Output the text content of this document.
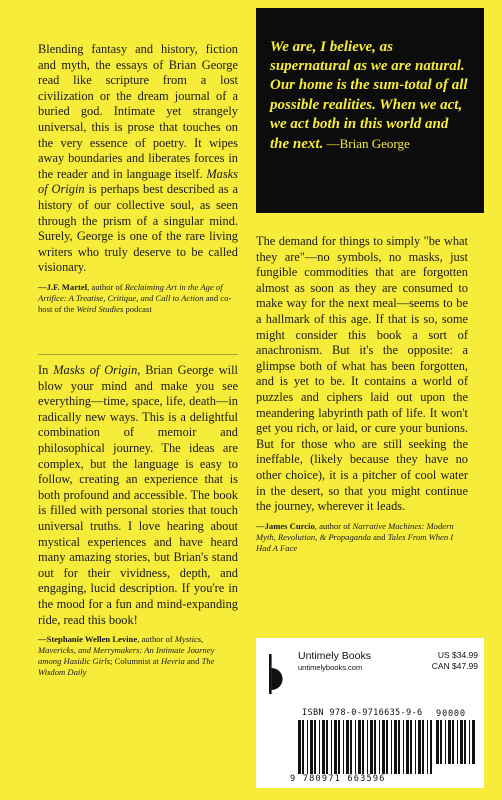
Blending fantasy and history, fiction and myth, the essays of Brian George read like scripture from a lost civilization or the dream journal of a buried god. Intimate yet strangely universal, this is prose that touches on the very essence of poetry. It wipes away boundaries and liberates forces in the reader and in language itself. Masks of Origin is perhaps best described as a history of our collective soul, as seen through the prism of a singular mind. Surely, George is one of the rare living writers who truly deserve to be called visionary.

—J.F. Martel, author of Reclaiming Art in the Age of Artifice: A Treatise, Critique, and Call to Action and co-host of the Weird Studies podcast

In Masks of Origin, Brian George will blow your mind and make you see everything—time, space, life, death—in radically new ways. This is a delightful combination of memoir and philosophical journey. The ideas are complex, but the language is easy to follow, creating an experience that is both profound and accessible. The book is filled with personal stories that touch universal truths. I love hearing about mystical experiences and have heard many amazing stories, but Brian's stand out for their vividness, depth, and engaging, lucid description. If you're in the mood for a fun and mind-expanding ride, read this book!

—Stephanie Wellen Levine, author of Mystics, Mavericks, and Merrymakers: An Intimate Journey among Hasidic Girls; Columnist at Hevria and The Wisdom Daily

We are, I believe, as supernatural as we are natural. Our home is the sum-total of all possible realities. When we act, we act both in this world and the next. —Brian George

The demand for things to simply "be what they are"—no symbols, no masks, just fungible commodities that are forgotten almost as soon as they are consumed to make way for the next meal—seems to be a hallmark of this age. If that is so, some might consider this book a sort of anachronism. But it's the opposite: a glimpse both of what has been forgotten, and is yet to be. It contains a world of puzzles and ciphers laid out upon the meandering labyrinth path of life. It won't get you rich, or laid, or cure your bunions. But for those who are still seeking the ineffable, (likely because they have no other choice), it is a pitcher of cool water in the desert, so that you might continue the journey, wherever it leads.

—James Curcio, author of Narrative Machines: Modern Myth, Revolution, & Propaganda and Tales From When I Had A Face

Untimely Books
untimelybooks.com
US $34.99
CAN $47.99
ISBN 978-0-9716635-9-6 90000
9 780971 663596
